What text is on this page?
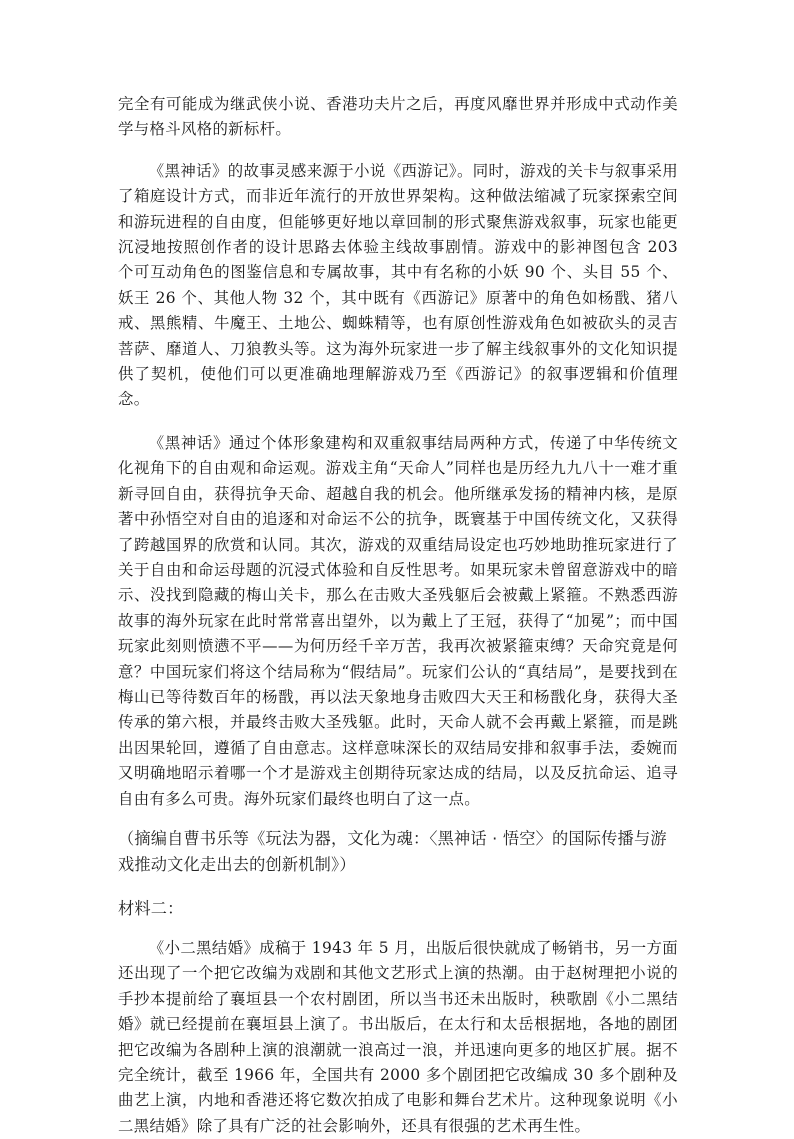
完全有可能成为继武侠小说、香港功夫片之后，再度风靡世界并形成中式动作美学与格斗风格的新标杆。

《黑神话》的故事灵感来源于小说《西游记》。同时，游戏的关卡与叙事采用了箱庭设计方式，而非近年流行的开放世界架构。这种做法缩减了玩家探索空间和游玩进程的自由度，但能够更好地以章回制的形式聚焦游戏叙事，玩家也能更沉浸地按照创作者的设计思路去体验主线故事剧情。游戏中的影神图包含 203 个可互动角色的图鉴信息和专属故事，其中有名称的小妖 90 个、头目 55 个、妖王 26 个、其他人物 32 个，其中既有《西游记》原著中的角色如杨戬、猪八戒、黑熊精、牛魔王、土地公、蜘蛛精等，也有原创性游戏角色如被砍头的灵吉菩萨、靡道人、刀狼教头等。这为海外玩家进一步了解主线叙事外的文化知识提供了契机，使他们可以更准确地理解游戏乃至《西游记》的叙事逻辑和价值理念。

《黑神话》通过个体形象建构和双重叙事结局两种方式，传递了中华传统文化视角下的自由观和命运观。游戏主角“天命人”同样也是历经九九八十一难才重新寻回自由，获得抗争天命、超越自我的机会。他所继承发扬的精神内核，是原著中孙悟空对自由的追逐和对命运不公的抗争，既寰基于中国传统文化，又获得了跨越国界的欣赏和认同。其次，游戏的双重结局设定也巧妙地助推玩家进行了关于自由和命运母题的沉浸式体验和自反性思考。如果玩家未曾留意游戏中的暗示、没找到隐藏的梅山关卡，那么在击败大圣残躯后会被戴上紧箍。不熟悉西游故事的海外玩家在此时常常喜出望外，以为戴上了王冠，获得了“加冕”；而中国玩家此刻则愤懑不平——为何历经千辛万苦，我再次被紧箍束缚？天命究竟是何意？中国玩家们将这个结局称为“假结局”。玩家们公认的“真结局”，是要找到在梅山已等待数百年的杨戬，再以法天象地身击败四大天王和杨戬化身，获得大圣传承的第六根，并最终击败大圣残躯。此时，天命人就不会再戴上紧箍，而是跳出因果轮回，遵循了自由意志。这样意味深长的双结局安排和叙事手法，委婉而又明确地昭示着哪一个才是游戏主创期待玩家达成的结局，以及反抗命运、追寻自由有多么可贵。海外玩家们最终也明白了这一点。

（摘编自曹书乐等《玩法为器，文化为魂：〈黑神话 · 悟空〉的国际传播与游戏推动文化走出去的创新机制》）

材料二：

《小二黑结婚》成稿于 1943 年 5 月，出版后很快就成了畅销书，另一方面还出现了一个把它改编为戏剧和其他文艺形式上演的热潮。由于赵树理把小说的手抄本提前给了襄垣县一个农村剧团，所以当书还未出版时，秧歌剧《小二黑结婚》就已经提前在襄垣县上演了。书出版后，在太行和太岳根据地，各地的剧团把它改编为各剧种上演的浪潮就一浪高过一浪，并迅速向更多的地区扩展。据不完全统计，截至 1966 年，全国共有 2000 多个剧团把它改编成 30 多个剧种及曲艺上演，内地和香港还将它数次拍成了电影和舞台艺术片。这种现象说明《小二黑结婚》除了具有广泛的社会影响外，还具有很强的艺术再生性。
